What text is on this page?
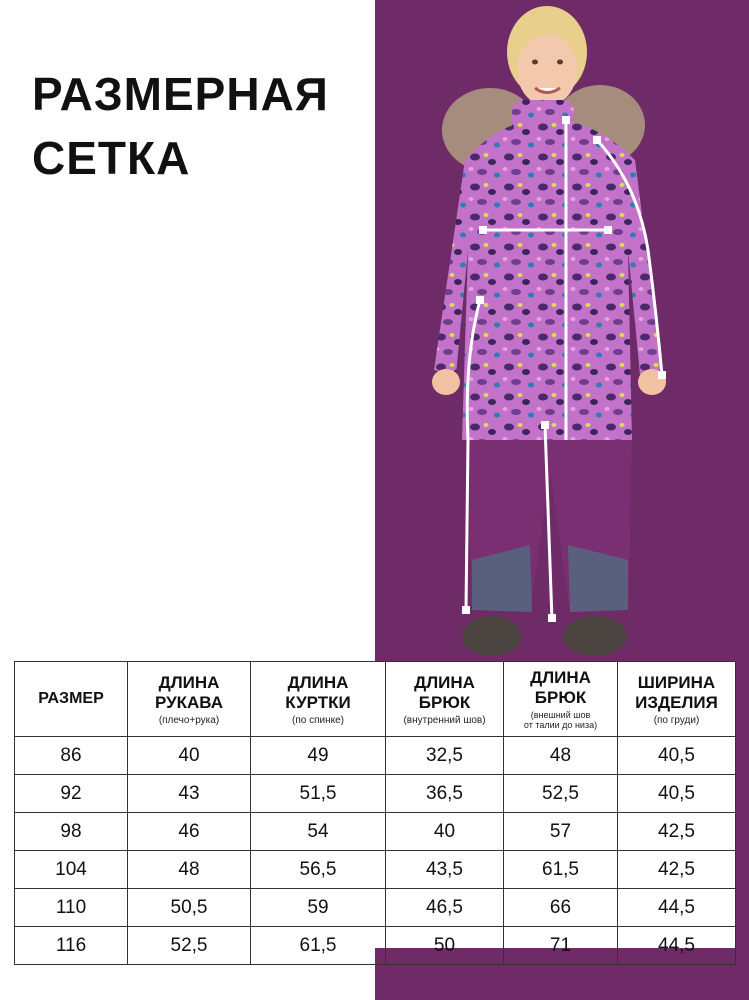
РАЗМЕРНАЯ
СЕТКА
РАЗМЕР	ДЛИНА
РУКАВА
(плечо+рука)	ДЛИНА
КУРТКИ
(по спинке)	ДЛИНА
БРЮК
(внутренний шов)	ДЛИНА
БРЮК
(внешний шов
от талии до низа)	ШИРИНА
ИЗДЕЛИЯ
(по груди)

86	40	49	32,5	48	40,5
92	43	51,5	36,5	52,5	40,5
98	46	54	40	57	42,5
104	48	56,5	43,5	61,5	42,5
110	50,5	59	46,5	66	44,5
116	52,5	61,5	50	71	44,5
